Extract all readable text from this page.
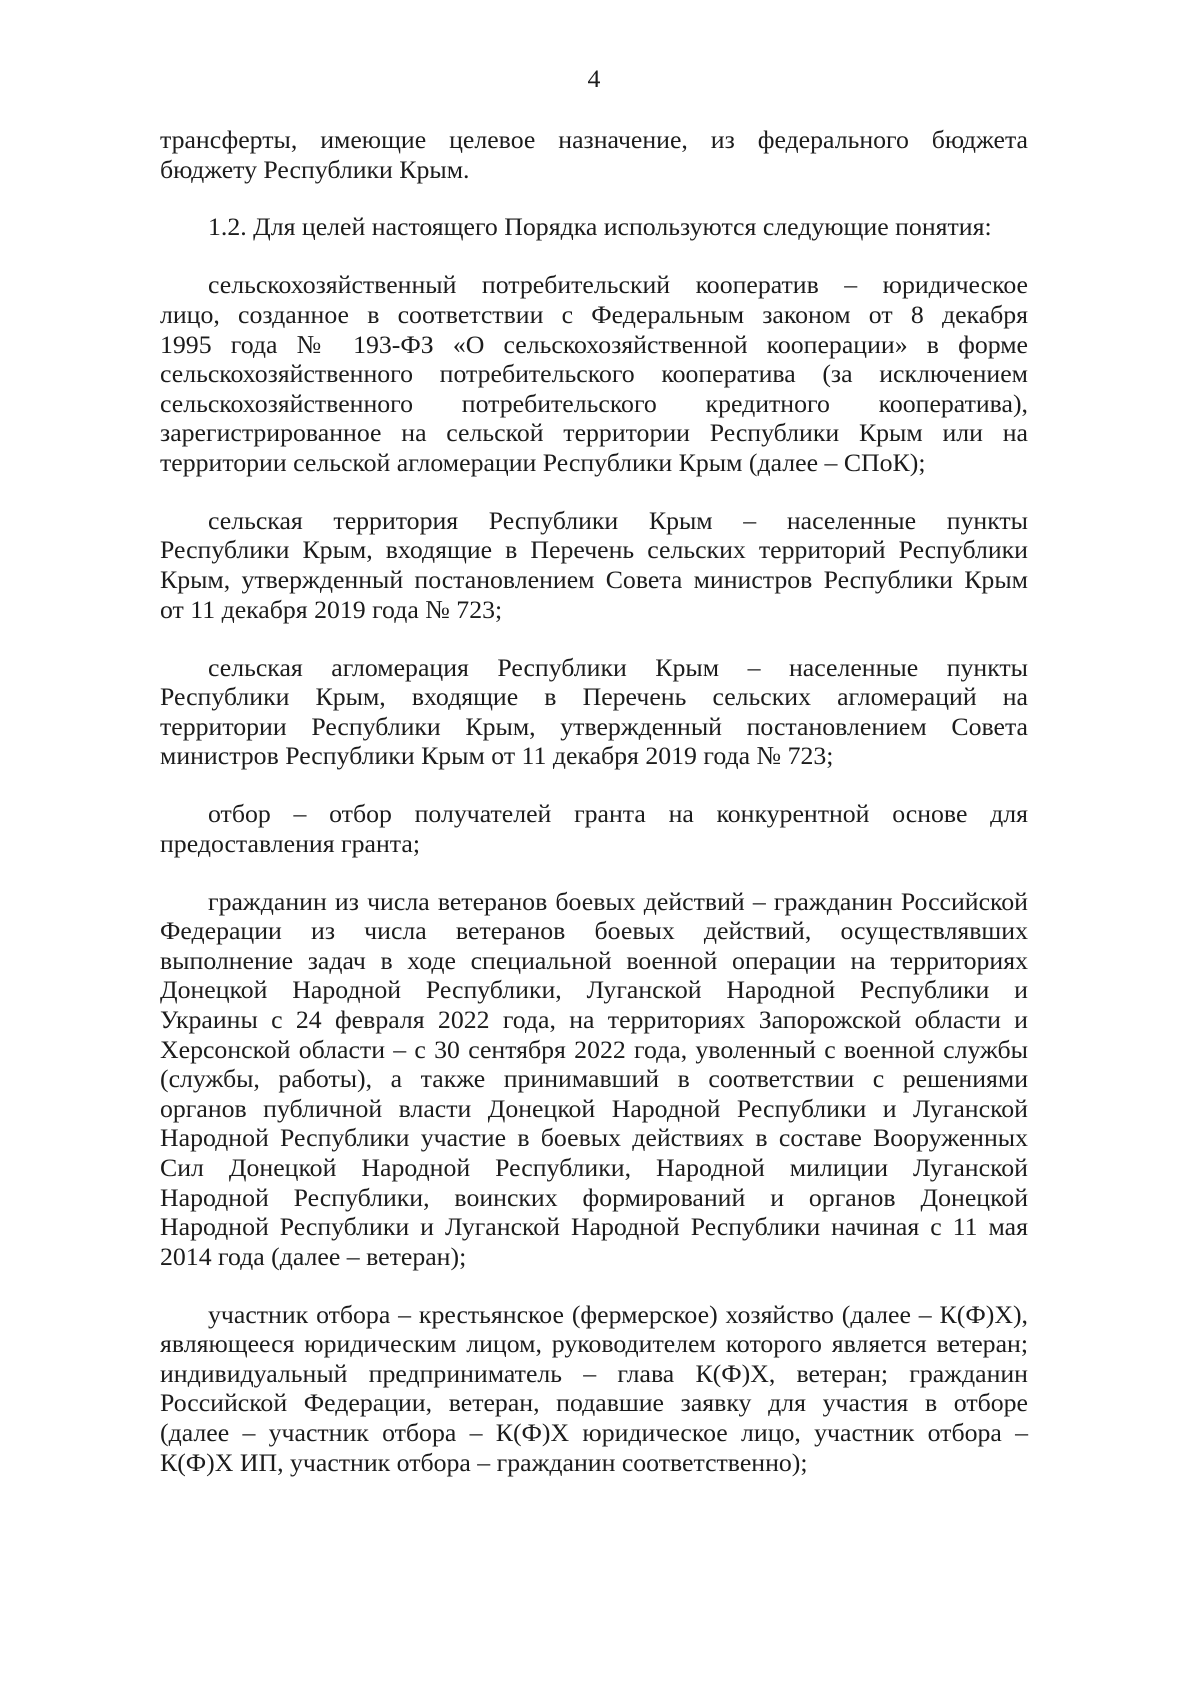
4
трансферты, имеющие целевое назначение, из федерального бюджета
бюджету Республики Крым.
1.2. Для целей настоящего Порядка используются следующие понятия:
сельскохозяйственный потребительский кооператив – юридическое
лицо, созданное в соответствии с Федеральным законом от 8 декабря
1995 года № 193-ФЗ «О сельскохозяйственной кооперации» в форме
сельскохозяйственного потребительского кооператива (за исключением
сельскохозяйственного потребительского кредитного кооператива),
зарегистрированное на сельской территории Республики Крым или на
территории сельской агломерации Республики Крым (далее – СПоК);
сельская территория Республики Крым – населенные пункты
Республики Крым, входящие в Перечень сельских территорий Республики
Крым, утвержденный постановлением Совета министров Республики Крым
от 11 декабря 2019 года № 723;
сельская агломерация Республики Крым – населенные пункты
Республики Крым, входящие в Перечень сельских агломераций на
территории Республики Крым, утвержденный постановлением Совета
министров Республики Крым от 11 декабря 2019 года № 723;
отбор – отбор получателей гранта на конкурентной основе для
предоставления гранта;
гражданин из числа ветеранов боевых действий – гражданин Российской
Федерации из числа ветеранов боевых действий, осуществлявших
выполнение задач в ходе специальной военной операции на территориях
Донецкой Народной Республики, Луганской Народной Республики и
Украины с 24 февраля 2022 года, на территориях Запорожской области и
Херсонской области – с 30 сентября 2022 года, уволенный с военной службы
(службы, работы), а также принимавший в соответствии с решениями
органов публичной власти Донецкой Народной Республики и Луганской
Народной Республики участие в боевых действиях в составе Вооруженных
Сил Донецкой Народной Республики, Народной милиции Луганской
Народной Республики, воинских формирований и органов Донецкой
Народной Республики и Луганской Народной Республики начиная с 11 мая
2014 года (далее – ветеран);
участник отбора – крестьянское (фермерское) хозяйство (далее – К(Ф)Х),
являющееся юридическим лицом, руководителем которого является ветеран;
индивидуальный предприниматель – глава К(Ф)Х, ветеран; гражданин
Российской Федерации, ветеран, подавшие заявку для участия в отборе
(далее – участник отбора – К(Ф)Х юридическое лицо, участник отбора –
К(Ф)Х ИП, участник отбора – гражданин соответственно);
